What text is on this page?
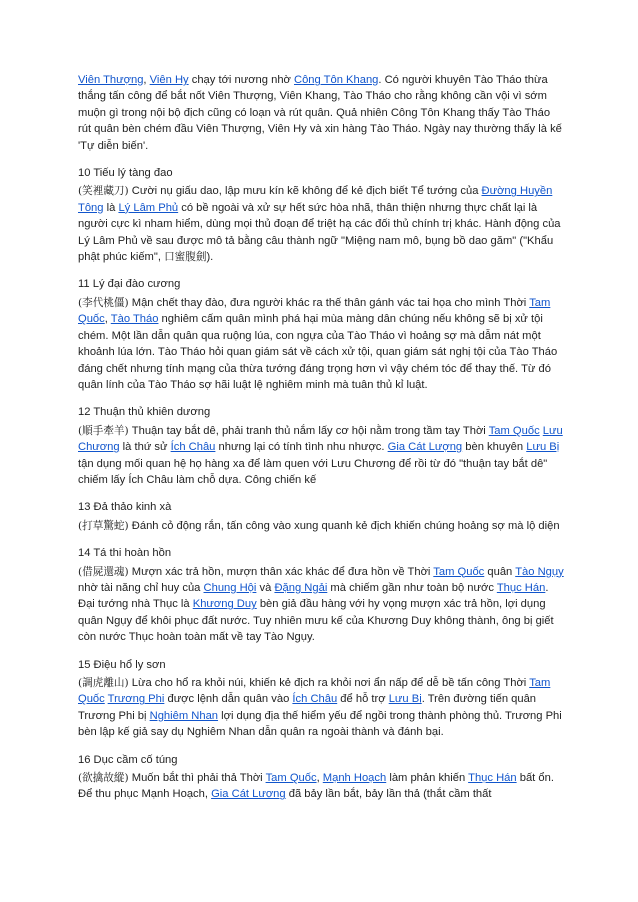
Viên Thượng, Viên Hy chạy tới nương nhờ Công Tôn Khang. Có người khuyên Tào Tháo thừa thắng tấn công để bắt nốt Viên Thượng, Viên Khang, Tào Tháo cho rằng không cần vội vì sớm muộn gì trong nội bộ địch cũng có loạn và rút quân. Quả nhiên Công Tôn Khang thấy Tào Tháo rút quân bèn chém đầu Viên Thượng, Viên Hy và xin hàng Tào Tháo. Ngày nay thường thấy là kế 'Tự diễn biến'.

10 Tiếu lý tàng đao

(笑裡藏刀) Cười nụ giấu dao, lập mưu kín kẽ không để kẻ địch biết Tể tướng của Đường Huyền Tông là Lý Lâm Phủ có bề ngoài và xử sự hết sức hòa nhã, thân thiện nhưng thực chất lại là người cực kì nham hiểm, dùng mọi thủ đoạn để triệt hạ các đối thủ chính trị khác. Hành động của Lý Lâm Phủ về sau được mô tả bằng câu thành ngữ "Miệng nam mô, bụng bồ dao găm" ("Khẩu phật phúc kiếm", 口蜜腹劍).

11 Lý đại đào cương

(李代桃僵) Mận chết thay đào, đưa người khác ra thế thân gánh vác tai họa cho mình Thời Tam Quốc, Tào Tháo nghiêm cấm quân mình phá hại mùa màng dân chúng nếu không sẽ bị xử tội chém. Một lần dẫn quân qua ruộng lúa, con ngựa của Tào Tháo vì hoảng sợ mà dẫm nát một khoảnh lúa lớn. Tào Tháo hỏi quan giám sát về cách xử tội, quan giám sát nghị tội của Tào Tháo đáng chết nhưng tính mạng của thừa tướng đáng trọng hơn vì vậy chém tóc để thay thế. Từ đó quân lính của Tào Tháo sợ hãi luật lệ nghiêm minh mà tuân thủ kỉ luật.

12 Thuận thủ khiên dương

(順手牽羊) Thuận tay bắt dê, phải tranh thủ nắm lấy cơ hội nằm trong tầm tay Thời Tam Quốc Lưu Chương là thứ sử Ích Châu nhưng lại có tính tình nhu nhược. Gia Cát Lượng bèn khuyên Lưu Bị tận dụng mối quan hệ họ hàng xa để làm quen với Lưu Chương để rồi từ đó "thuận tay bắt dê" chiếm lấy Ích Châu làm chỗ dựa. Công chiến kế

13 Đả thảo kinh xà

(打草驚蛇) Đánh cỏ động rắn, tấn công vào xung quanh kẻ địch khiến chúng hoảng sợ mà lộ diện

14 Tá thi hoàn hồn

(借屍還魂) Mượn xác trả hồn, mượn thân xác khác để đưa hồn về Thời Tam Quốc quân Tào Ngụy nhờ tài năng chỉ huy của Chung Hội và Đặng Ngải mà chiếm gần như toàn bộ nước Thục Hán. Đại tướng nhà Thục là Khương Duy bèn giả đầu hàng với hy vọng mượn xác trả hồn, lợi dụng quân Ngụy để khôi phục đất nước. Tuy nhiên mưu kế của Khương Duy không thành, ông bị giết còn nước Thục hoàn toàn mất về tay Tào Ngụy.

15 Điệu hổ ly sơn

(調虎離山) Lừa cho hổ ra khỏi núi, khiến kẻ địch ra khỏi nơi ẩn nấp để dễ bề tấn công Thời Tam Quốc Trương Phi được lệnh dẫn quân vào Ích Châu để hỗ trợ Lưu Bị. Trên đường tiến quân Trương Phi bị Nghiêm Nhan lợi dụng địa thế hiểm yếu để ngồi trong thành phòng thủ. Trương Phi bèn lập kế giả say dụ Nghiêm Nhan dẫn quân ra ngoài thành và đánh bại.

16 Dục cầm cố túng

(欲擒故縱) Muốn bắt thì phải thả Thời Tam Quốc, Mạnh Hoạch làm phản khiến Thục Hán bất ổn. Để thu phục Mạnh Hoạch, Gia Cát Lượng đã bảy lần bắt, bảy lần thả (thắt cầm thất
